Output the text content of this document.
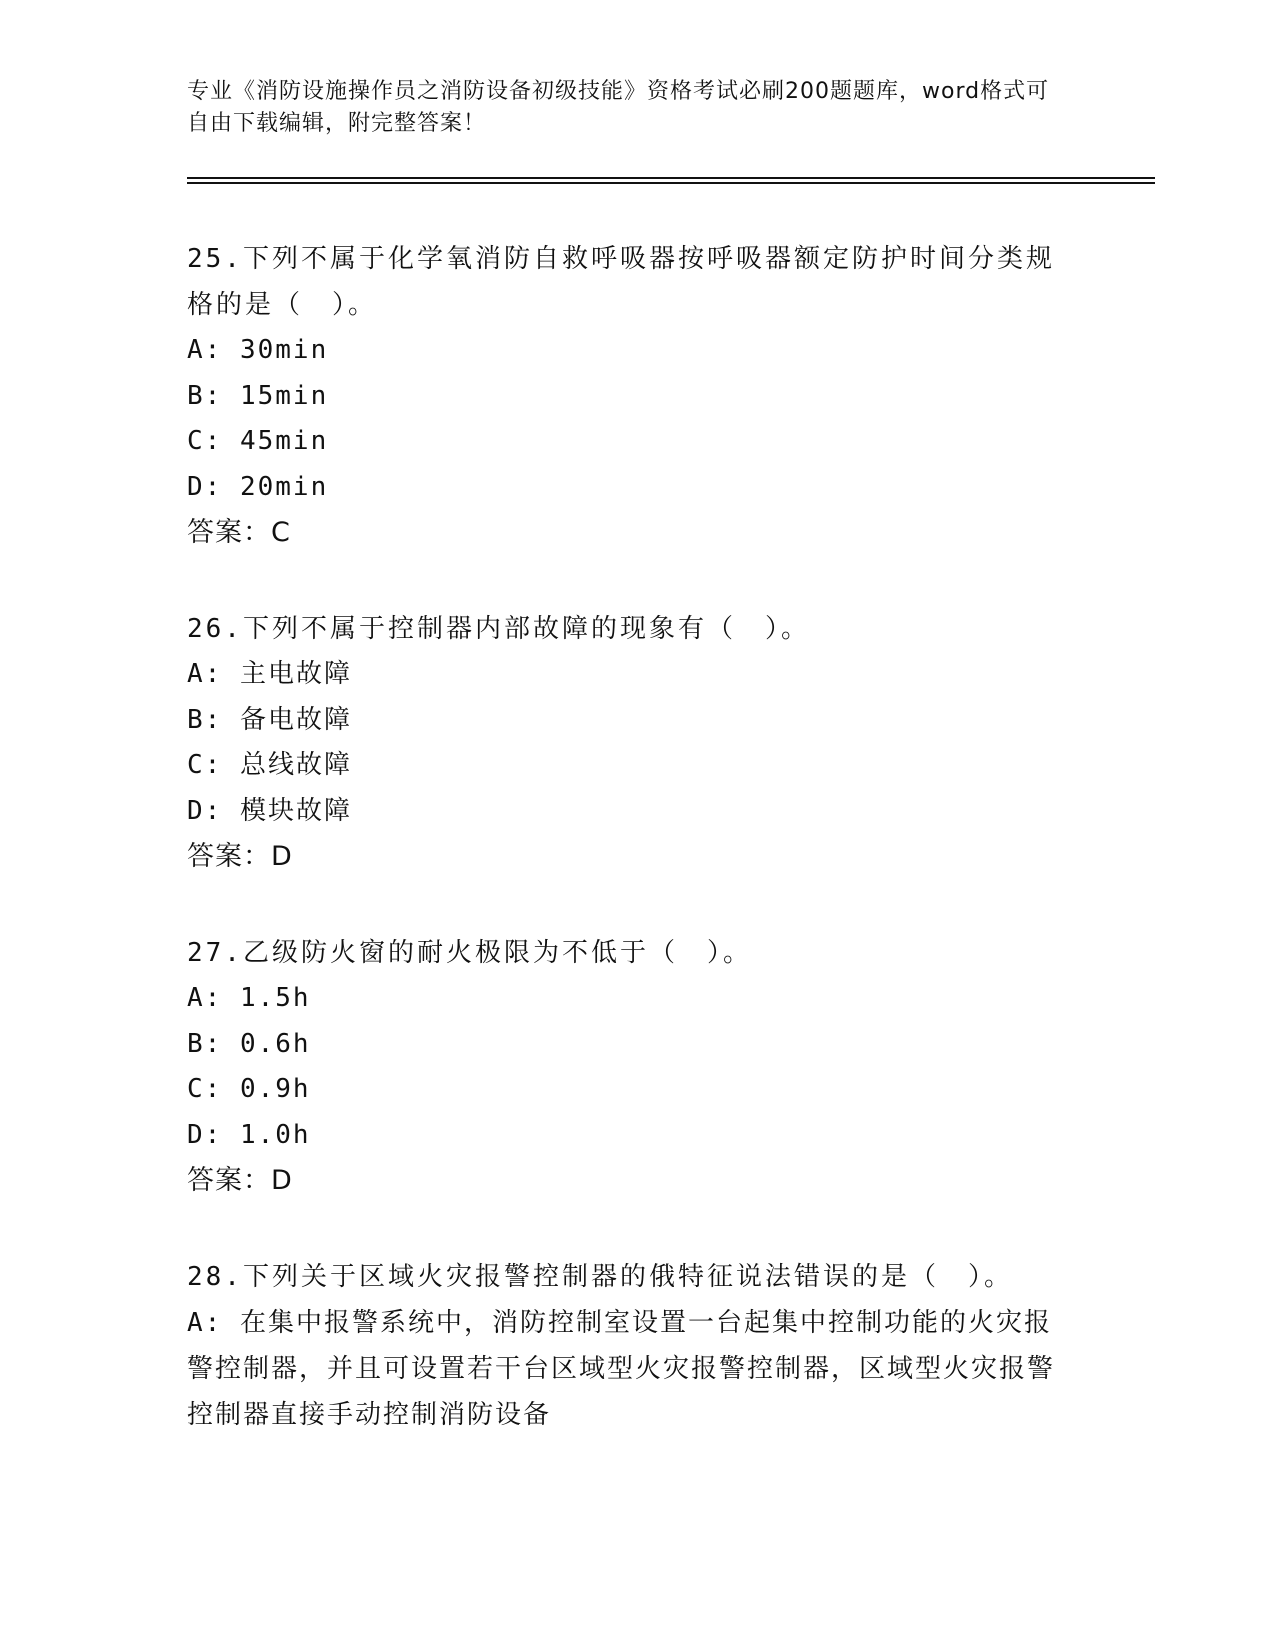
专业《消防设施操作员之消防设备初级技能》资格考试必刷200题题库，word格式可自由下载编辑，附完整答案！
25.下列不属于化学氧消防自救呼吸器按呼吸器额定防护时间分类规格的是（　）。
A: 30min
B: 15min
C: 45min
D: 20min
答案：C
26.下列不属于控制器内部故障的现象有（　）。
A: 主电故障
B: 备电故障
C: 总线故障
D: 模块故障
答案：D
27.乙级防火窗的耐火极限为不低于（　）。
A: 1.5h
B: 0.6h
C: 0.9h
D: 1.0h
答案：D
28.下列关于区域火灾报警控制器的俄特征说法错误的是（　）。
A: 在集中报警系统中，消防控制室设置一台起集中控制功能的火灾报警控制器，并且可设置若干台区域型火灾报警控制器，区域型火灾报警控制器直接手动控制消防设备
